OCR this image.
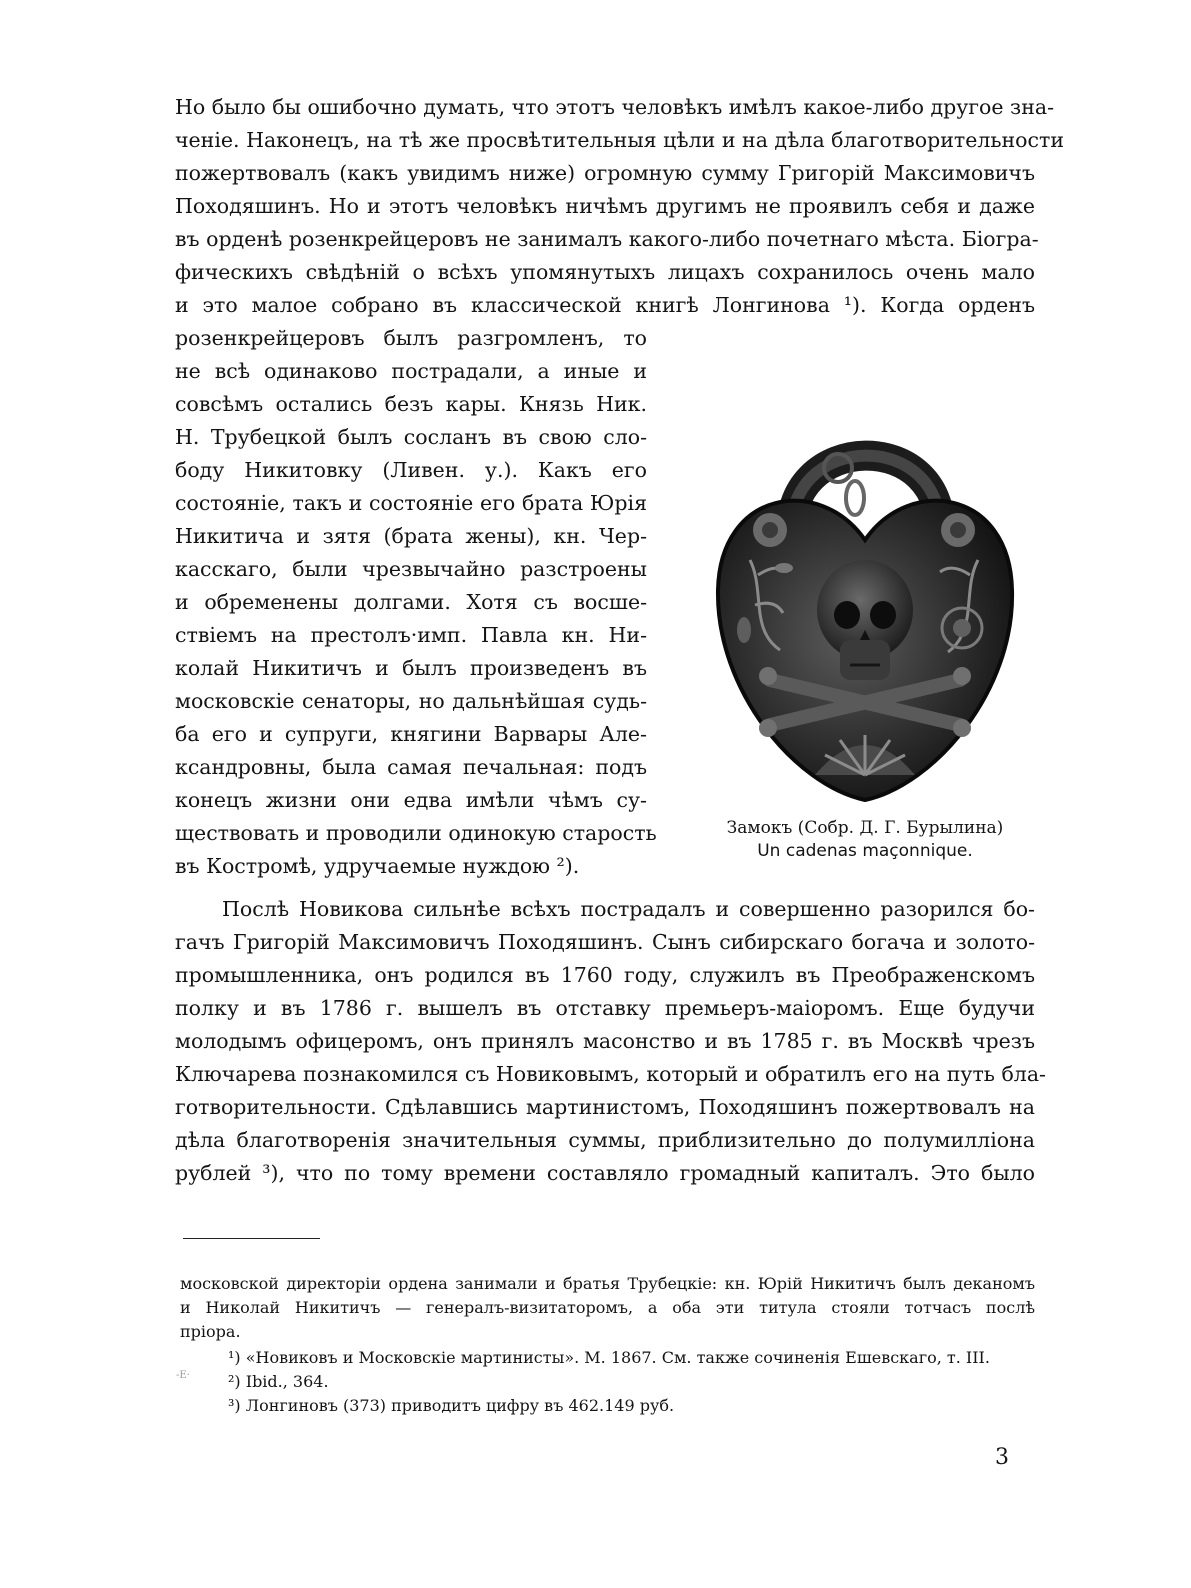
Но было бы ошибочно думать, что этотъ человѣкъ имѣлъ какое-либо другое зна-
ченіе. Наконецъ, на тѣ же просвѣтительныя цѣли и на дѣла благотворительности
пожертвовалъ (какъ увидимъ ниже) огромную сумму Григорій Максимовичъ
Походяшинъ. Но и этотъ человѣкъ ничѣмъ другимъ не проявилъ себя и даже
въ орденѣ розенкрейцеровъ не занималъ какого-либо почетнаго мѣста. Біогра-
фическихъ свѣдѣній о всѣхъ упомянутыхъ лицахъ сохранилось очень мало
и это малое собрано въ классической книгѣ Лонгинова ¹). Когда орденъ
розенкрейцеровъ былъ разгромленъ, то
не всѣ одинаково пострадали, а иные и
совсѣмъ остались безъ кары. Князь Ник.
Н. Трубецкой былъ сосланъ въ свою сло-
боду Никитовку (Ливен. у.). Какъ его
состояніе, такъ и состояніе его брата Юрія
Никитича и зятя (брата жены), кн. Чер-
касскаго, были чрезвычайно разстроены
и обременены долгами. Хотя съ восше-
ствіемъ на престолъ·имп. Павла кн. Ни-
колай Никитичъ и былъ произведенъ въ
московскіе сенаторы, но дальнѣйшая судь-
ба его и супруги, княгини Варвары Але-
ксандровны, была самая печальная: подъ
конецъ жизни они едва имѣли чѣмъ су-
ществовать и проводили одинокую старость
въ Костромѣ, удручаемые нуждою ²).
Замокъ (Собр. Д. Г. Бурылина)
Un cadenas maçonnique.
Послѣ Новикова сильнѣе всѣхъ пострадалъ и совершенно разорился бо-
гачъ Григорій Максимовичъ Походяшинъ. Сынъ сибирскаго богача и золото-
промышленника, онъ родился въ 1760 году, служилъ въ Преображенскомъ
полку и въ 1786 г. вышелъ въ отставку премьеръ-маіоромъ. Еще будучи
молодымъ офицеромъ, онъ принялъ масонство и въ 1785 г. въ Москвѣ чрезъ
Ключарева познакомился съ Новиковымъ, который и обратилъ его на путь бла-
готворительности. Сдѣлавшись мартинистомъ, Походяшинъ пожертвовалъ на
дѣла благотворенія значительныя суммы, приблизительно до полумилліона
рублей ³), что по тому времени составляло громадный капиталъ. Это было
московской директоріи ордена занимали и братья Трубецкіе: кн. Юрій Никитичъ былъ деканомъ
и Николай Никитичъ — генералъ-визитаторомъ, а оба эти титула стояли тотчасъ послѣ
пріора.
¹) «Новиковъ и Московскіе мартинисты». М. 1867. См. также сочиненія Ешевскаго, т. III.
²) Ibid., 364.
³) Лонгиновъ (373) приводитъ цифру въ 462.149 руб.
-Ε·
3
